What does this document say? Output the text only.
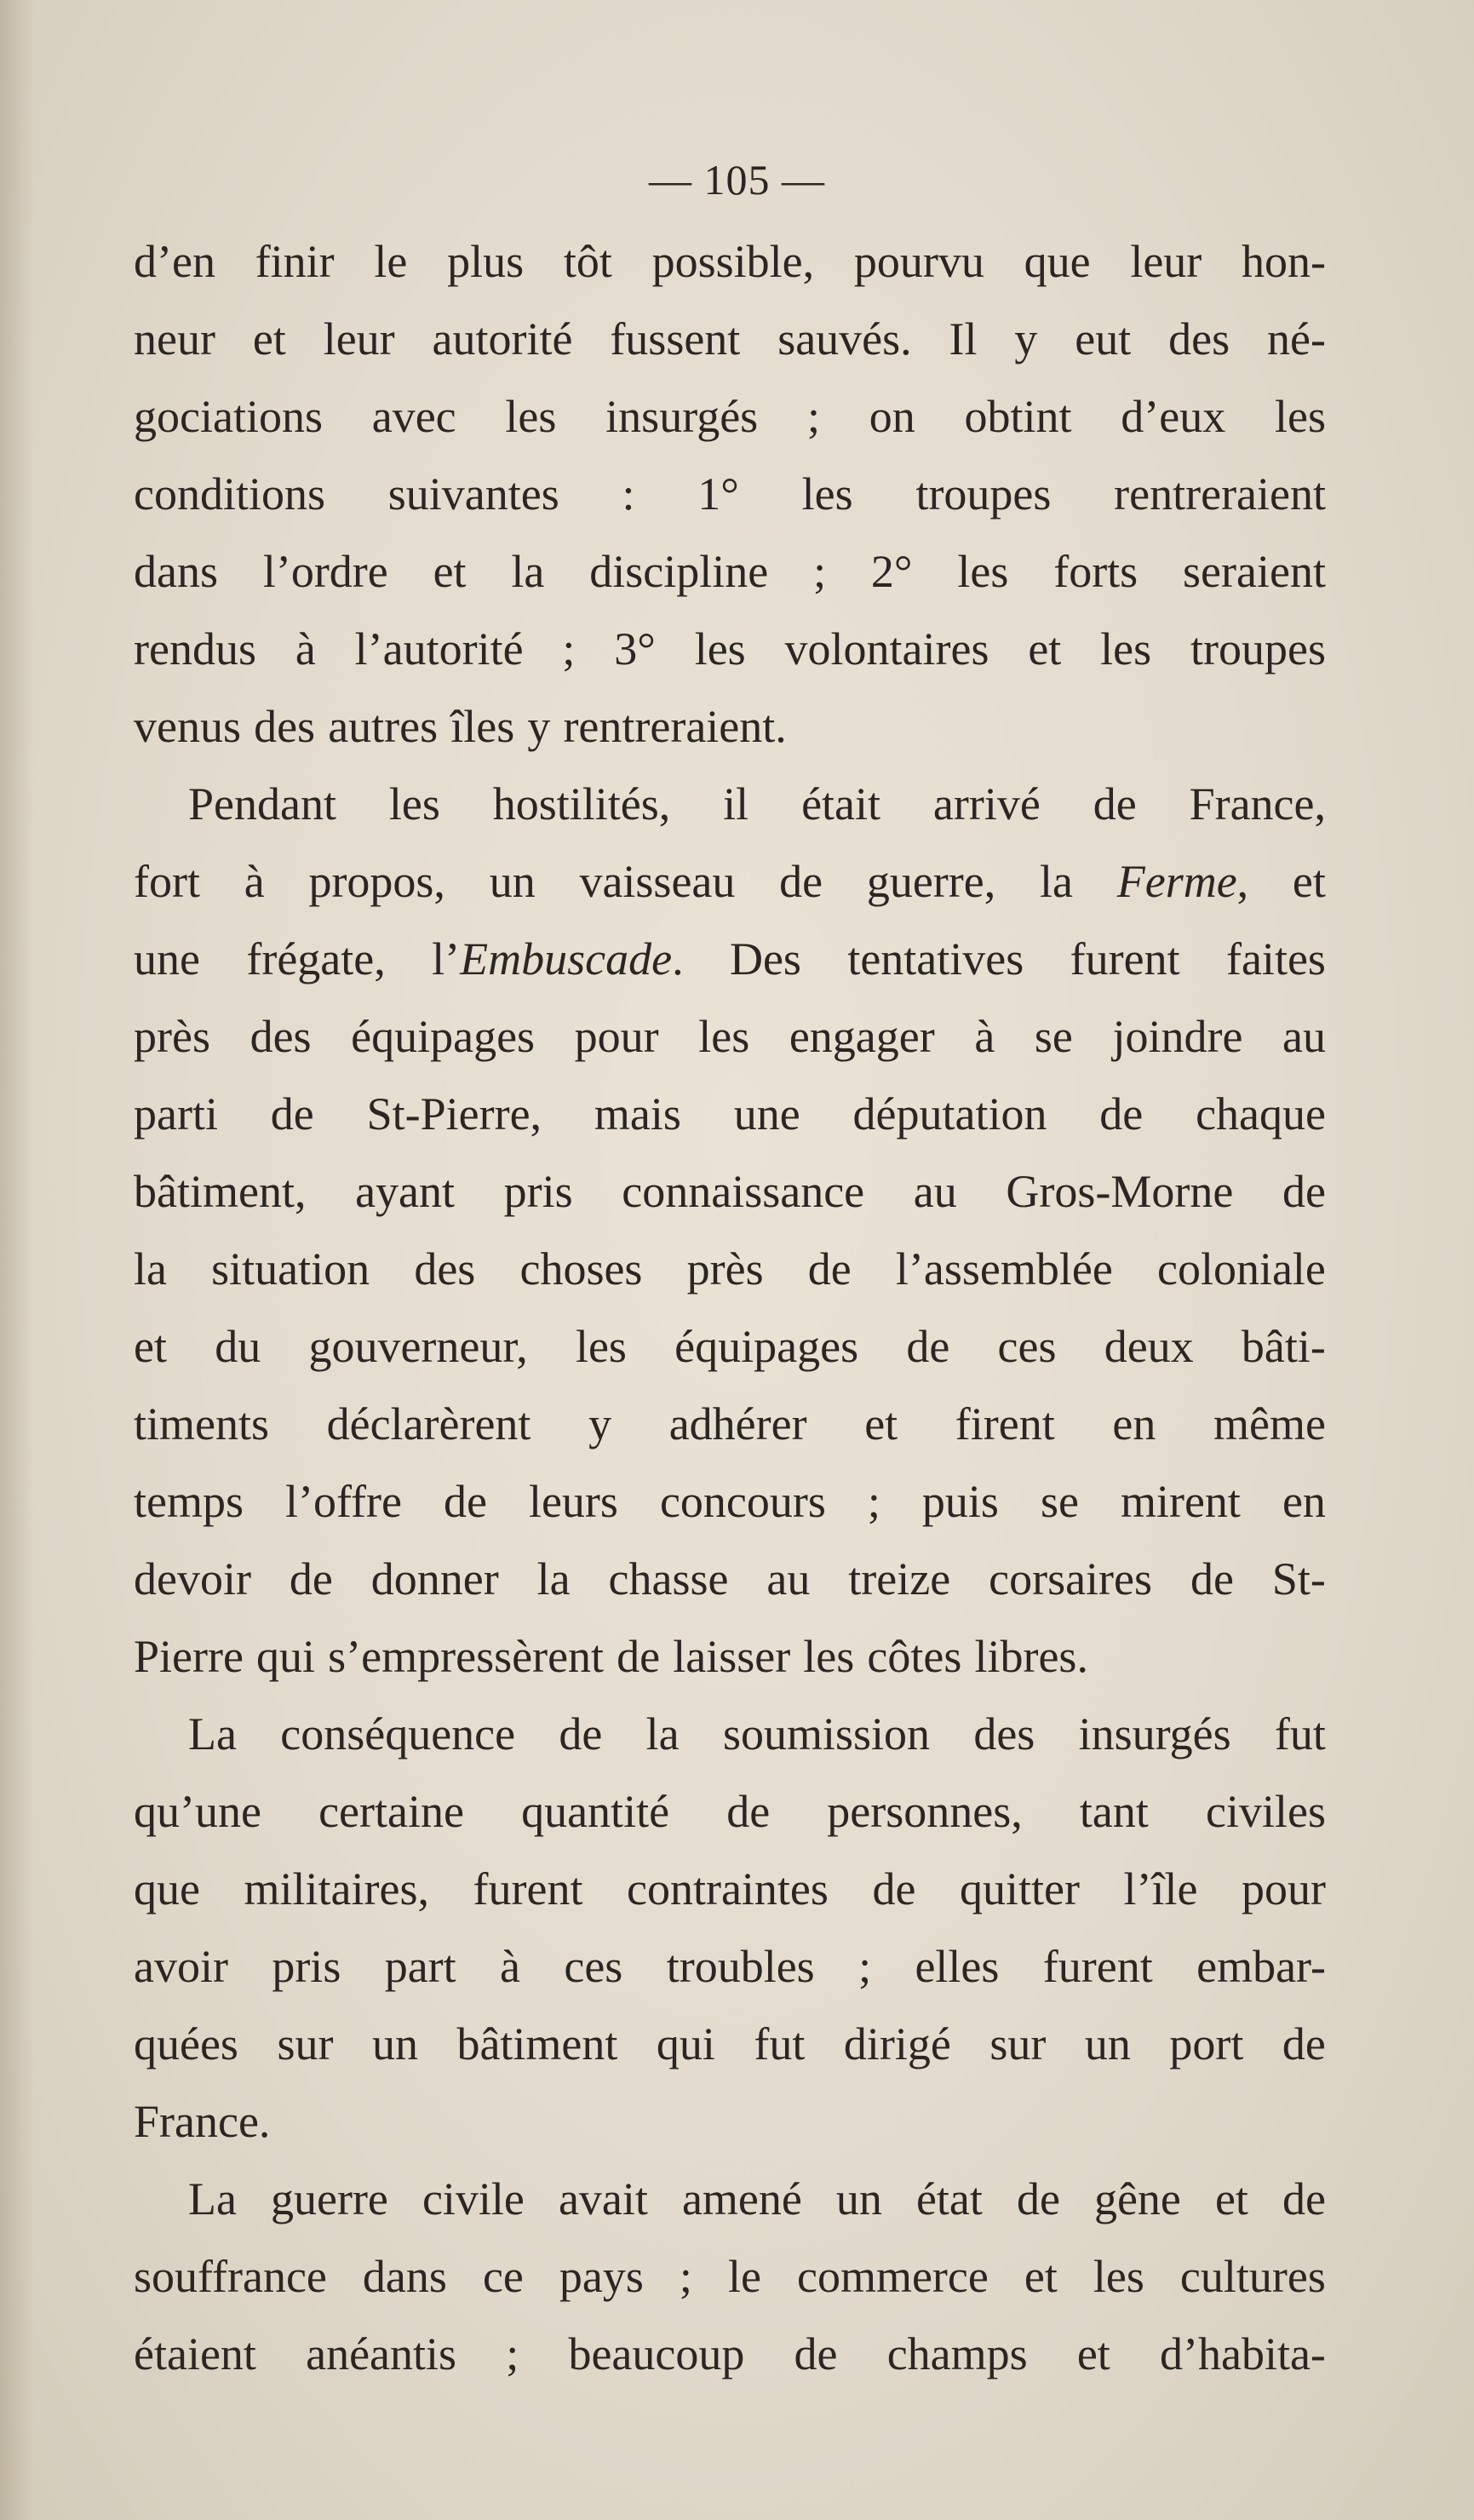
— 105 —
d’en finir le plus tôt possible, pourvu que leur hon-
neur et leur autorité fussent sauvés. Il y eut des né-
gociations avec les insurgés ; on obtint d’eux les
conditions suivantes : 1° les troupes rentreraient
dans l’ordre et la discipline ; 2° les forts seraient
rendus à l’autorité ; 3° les volontaires et les troupes
venus des autres îles y rentreraient.
Pendant les hostilités, il était arrivé de France,
fort à propos, un vaisseau de guerre, la Ferme, et
une frégate, l’Embuscade. Des tentatives furent faites
près des équipages pour les engager à se joindre au
parti de St-Pierre, mais une députation de chaque
bâtiment, ayant pris connaissance au Gros-Morne de
la situation des choses près de l’assemblée coloniale
et du gouverneur, les équipages de ces deux bâti-
timents déclarèrent y adhérer et firent en même
temps l’offre de leurs concours ; puis se mirent en
devoir de donner la chasse au treize corsaires de St-
Pierre qui s’empressèrent de laisser les côtes libres.
La conséquence de la soumission des insurgés fut
qu’une certaine quantité de personnes, tant civiles
que militaires, furent contraintes de quitter l’île pour
avoir pris part à ces troubles ; elles furent embar-
quées sur un bâtiment qui fut dirigé sur un port de
France.
La guerre civile avait amené un état de gêne et de
souffrance dans ce pays ; le commerce et les cultures
étaient anéantis ; beaucoup de champs et d’habita-
